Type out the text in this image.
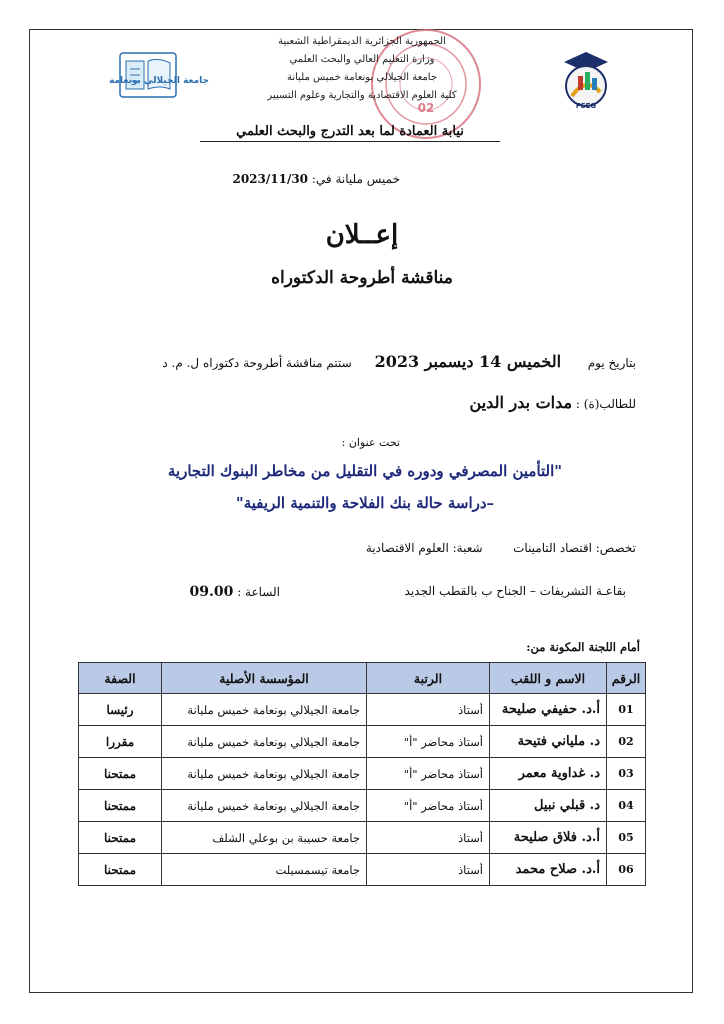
جامعة الجيلالي بونعامة
FSEG
02
الجمهورية الجزائرية الديمقراطية الشعبية
وزارة التعليم العالي والبحث العلمي
جامعة الجيلالي بونعامة خميس مليانة
كلية العلوم الاقتصادية والتجارية وعلوم التسيير
نيابة العمادة لما بعد التدرج والبحث العلمي
خميس مليانة في: 2023/11/30
إعــلان
مناقشة أطروحة الدكتوراه
بتاريخ يوم       الخميس 14 ديسمبر 2023      ستتم مناقشة أطروحة دكتوراه ل. م. د
للطالب(ة) : مدات بدر الدين
تحت عنوان :
"التأمين المصرفي ودوره في التقليل من مخاطر البنوك التجارية
–دراسة حالة بنك الفلاحة والتنمية الريفية"
تخصص: اقتصاد التامينات        شعبة: العلوم الاقتصادية
بقاعـة التشريفات – الجناح ب بالقطب الجديد
الساعة : 09.00
أمام اللجنة المكونة من:
الرقم	الاسم و اللقب	الرتبة	المؤسسة الأصلية	الصفة
01	أ.د. حفيفي صليحة	أستاذ	جامعة الجيلالي بونعامة خميس مليانة	رئيسا
02	د. ملياني فتيحة	أستاذ محاضر "أ"	جامعة الجيلالي بونعامة خميس مليانة	مقررا
03	د. غداوية معمر	أستاذ محاضر "أ"	جامعة الجيلالي بونعامة خميس مليانة	ممتحنا
04	د. قبلي نبيل	أستاذ محاضر "أ"	جامعة الجيلالي بونعامة خميس مليانة	ممتحنا
05	أ.د. فلاق صليحة	أستاذ	جامعة حسيبة بن بوعلي الشلف	ممتحنا
06	أ.د. صلاح محمد	أستاذ	جامعة تيسمسيلت	ممتحنا
